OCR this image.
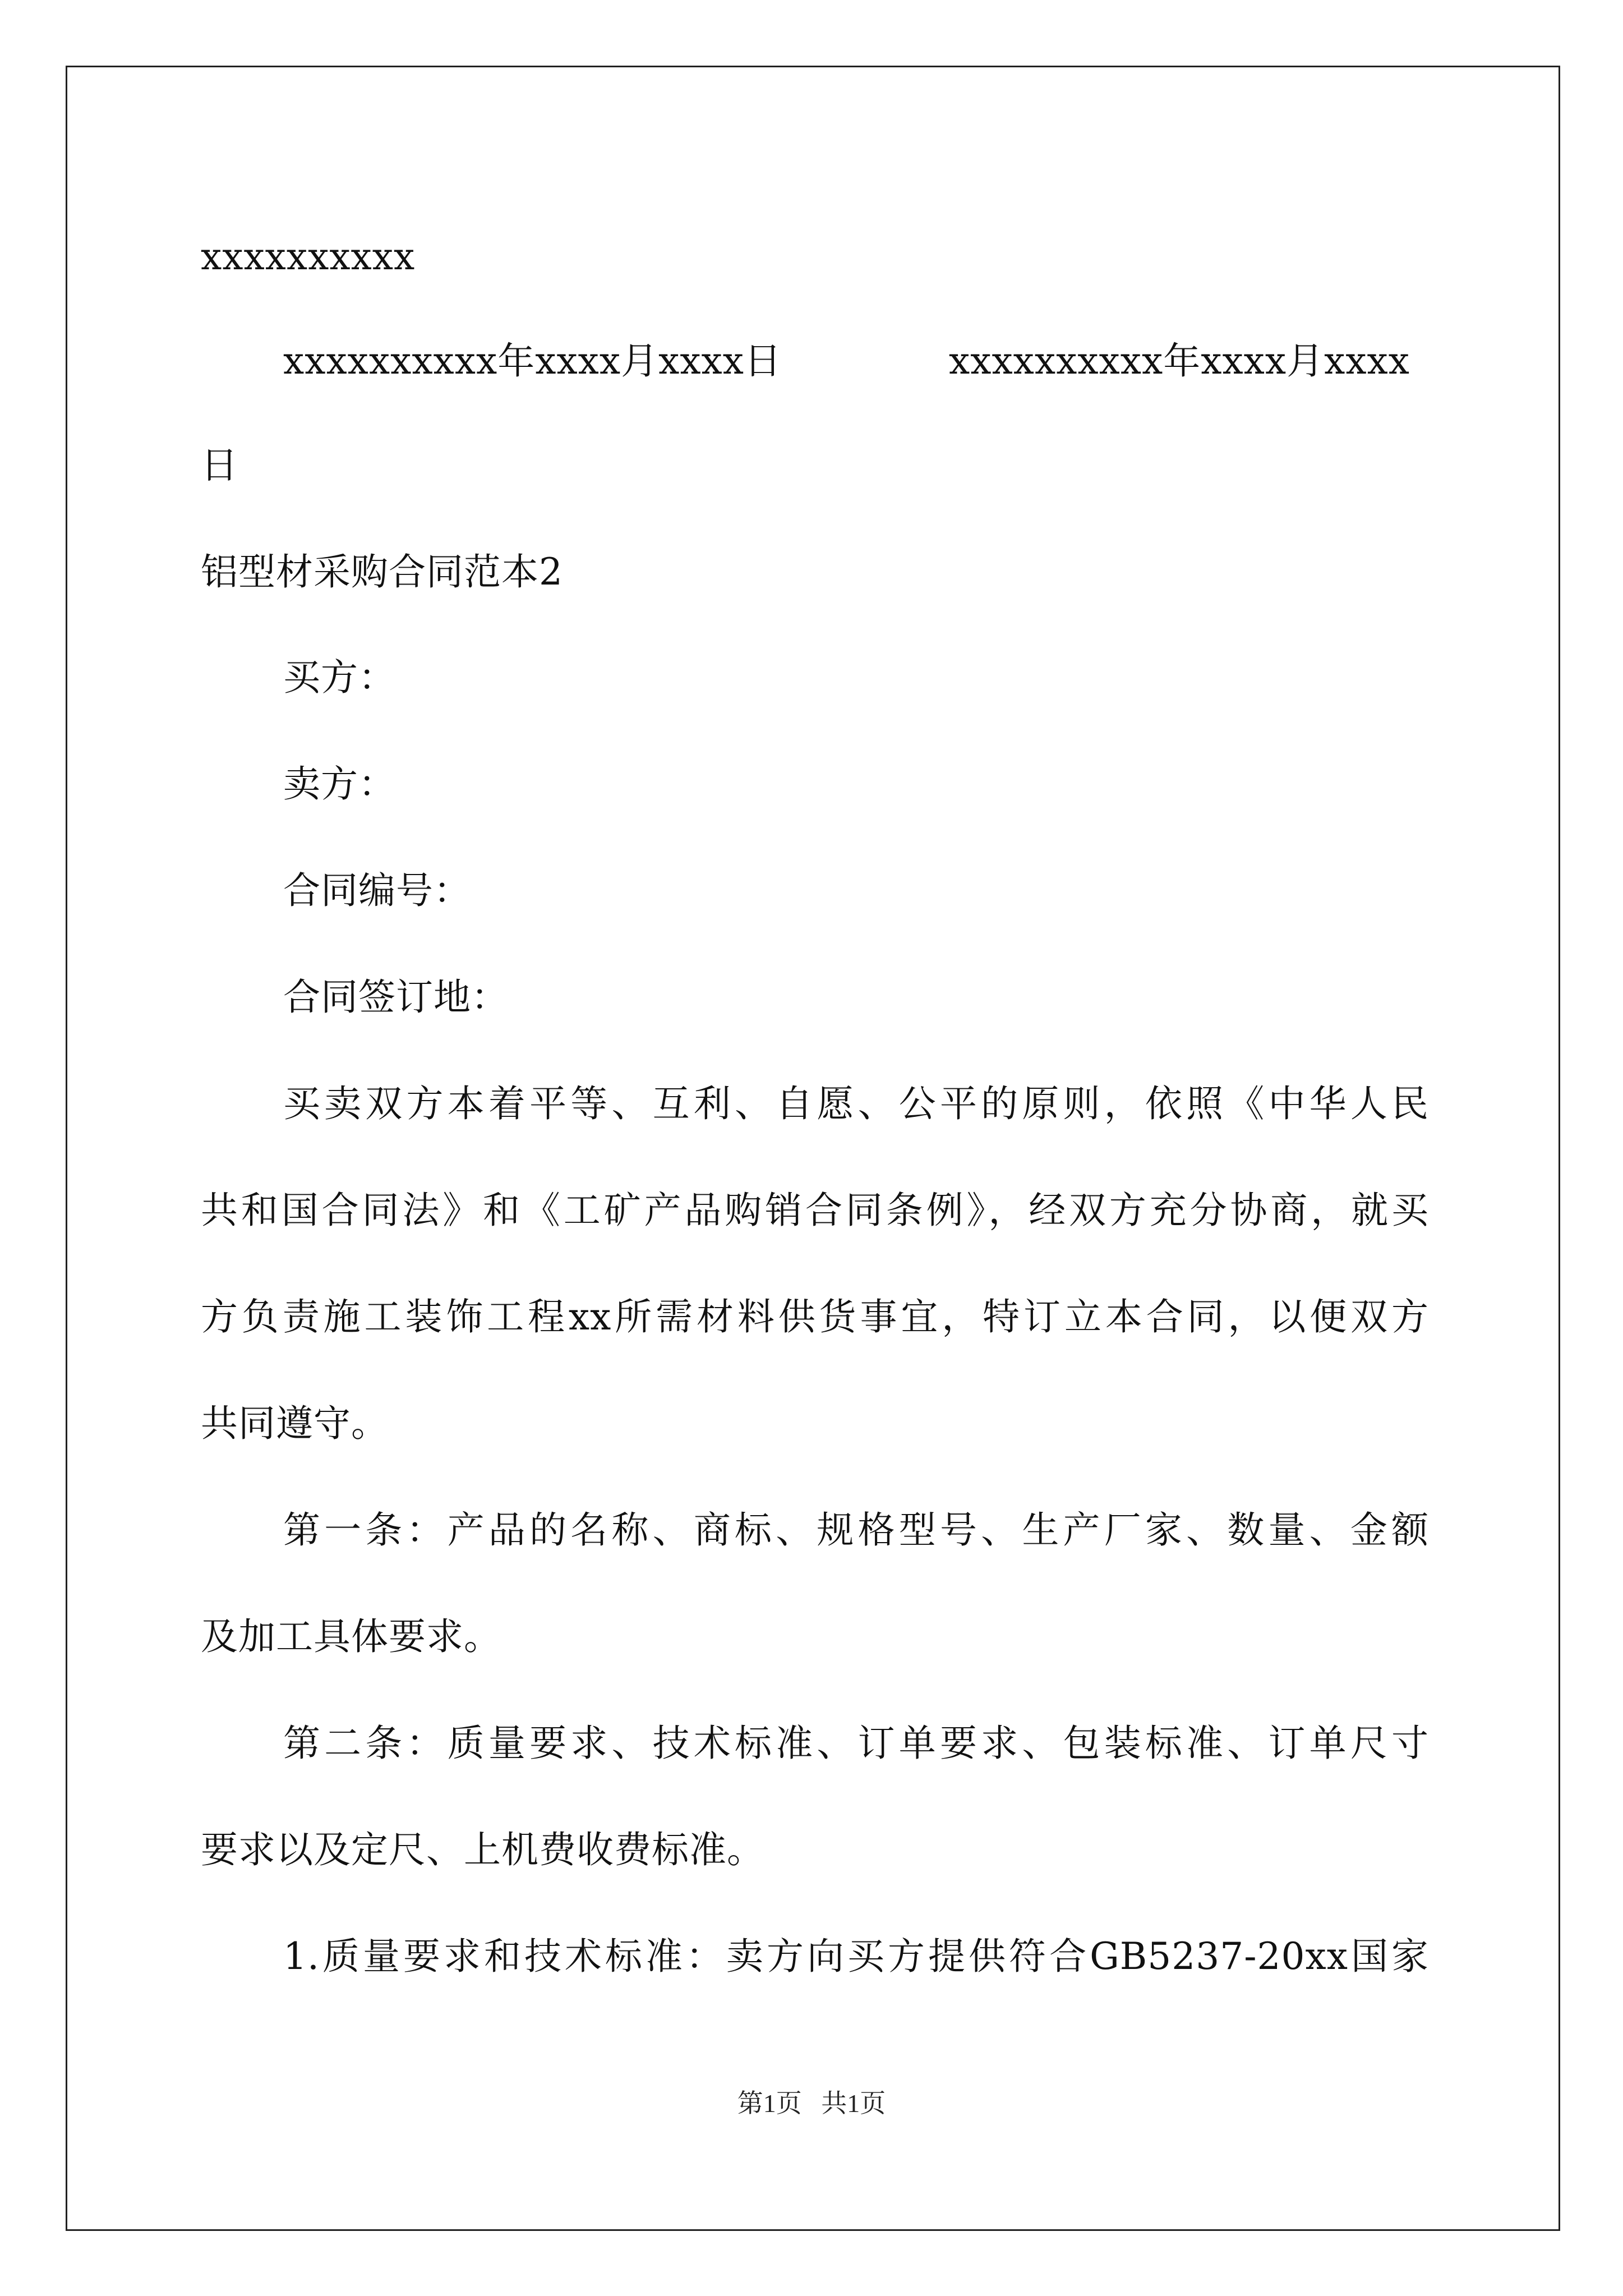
xxxxxxxxxx
xxxxxxxxxx年xxxx月xxxx日	xxxxxxxxxx年xxxx月xxxx
日
铝型材采购合同范本2
买方：
卖方：
合同编号：
合同签订地：
买卖双方本着平等、互利、自愿、公平的原则，依照《中华人民
共和国合同法》和《工矿产品购销合同条例》，经双方充分协商，就买
方负责施工装饰工程xx所需材料供货事宜，特订立本合同，以便双方
共同遵守。
第一条：产品的名称、商标、规格型号、生产厂家、数量、金额
及加工具体要求。
第二条：质量要求、技术标准、订单要求、包装标准、订单尺寸
要求以及定尺、上机费收费标准。
1.质量要求和技术标准：卖方向买方提供符合GB5237-20xx国家
第1页   共1页
